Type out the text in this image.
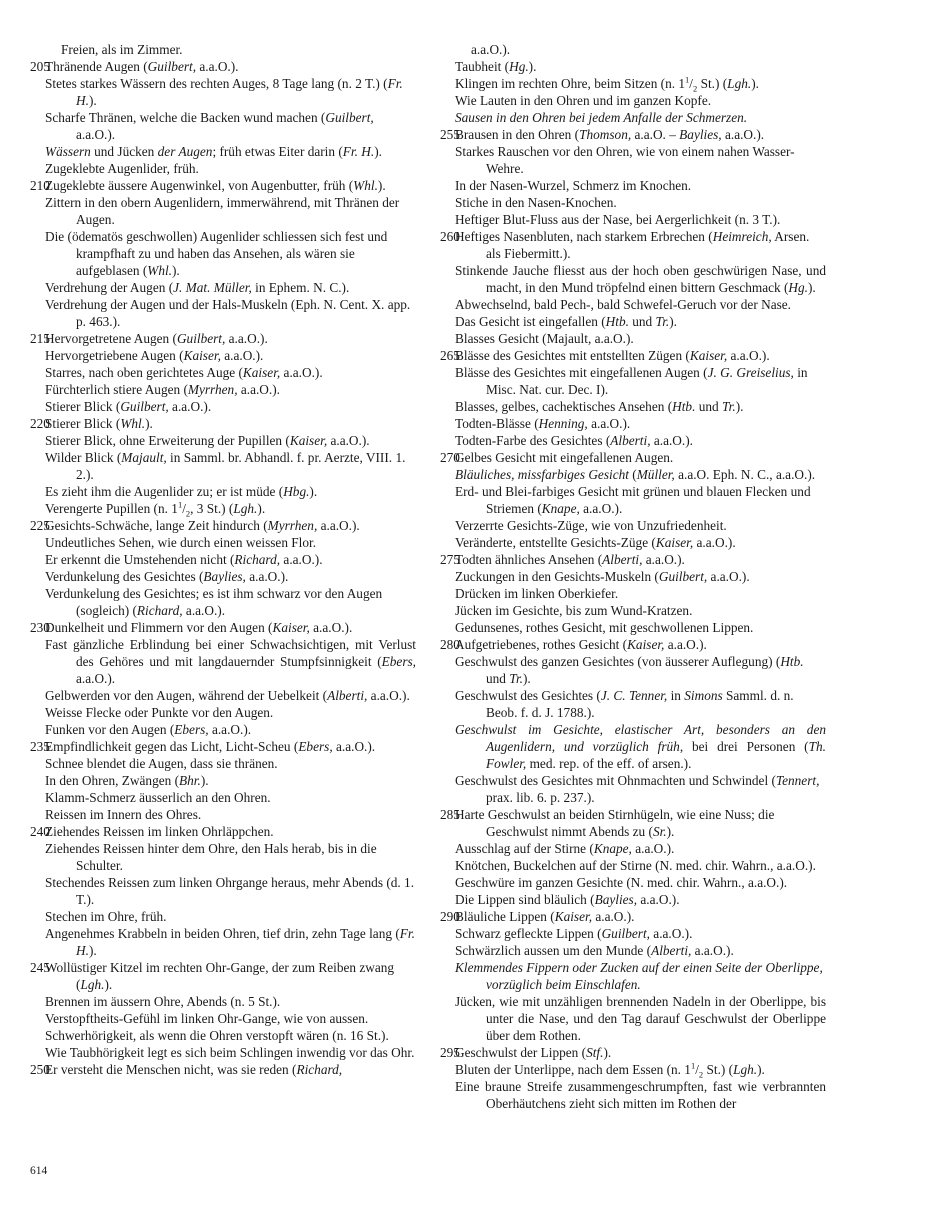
Freien, als im Zimmer.
205
Thränende Augen (Guilbert, a.a.O.).
Stetes starkes Wässern des rechten Auges, 8 Tage lang (n. 2 T.) (Fr. H.).
Scharfe Thränen, welche die Backen wund machen (Guilbert, a.a.O.).
Wässern und Jücken der Augen; früh etwas Eiter darin (Fr. H.).
Zugeklebte Augenlider, früh.
210
Zugeklebte äussere Augenwinkel, von Augenbutter, früh (Whl.).
Zittern in den obern Augenlidern, immerwährend, mit Thränen der Augen.
Die (ödematös geschwollen) Augenlider schliessen sich fest und krampfhaft zu und haben das Ansehen, als wären sie aufgeblasen (Whl.).
Verdrehung der Augen (J. Mat. Müller, in Ephem. N. C.).
Verdrehung der Augen und der Hals-Muskeln (Eph. N. Cent. X. app. p. 463.).
215
Hervorgetretene Augen (Guilbert, a.a.O.).
Hervorgetriebene Augen (Kaiser, a.a.O.).
Starres, nach oben gerichtetes Auge (Kaiser, a.a.O.).
Fürchterlich stiere Augen (Myrrhen, a.a.O.).
Stierer Blick (Guilbert, a.a.O.).
220
Stierer Blick (Whl.).
Stierer Blick, ohne Erweiterung der Pupillen (Kaiser, a.a.O.).
Wilder Blick (Majault, in Samml. br. Abhandl. f. pr. Aerzte, VIII. 1. 2.).
Es zieht ihm die Augenlider zu; er ist müde (Hbg.).
Verengerte Pupillen (n. $1^1/_2$, 3 St.) (Lgh.).
225
Gesichts-Schwäche, lange Zeit hindurch (Myrrhen, a.a.O.).
Undeutliches Sehen, wie durch einen weissen Flor.
Er erkennt die Umstehenden nicht (Richard, a.a.O.).
Verdunkelung des Gesichtes (Baylies, a.a.O.).
Verdunkelung des Gesichtes; es ist ihm schwarz vor den Augen (sogleich) (Richard, a.a.O.).
230
Dunkelheit und Flimmern vor den Augen (Kaiser, a.a.O.).
Fast gänzliche Erblindung bei einer Schwachsichtigen, mit Verlust des Gehöres und mit langdauernder Stumpfsinnigkeit (Ebers, a.a.O.).
Gelbwerden vor den Augen, während der Uebelkeit (Alberti, a.a.O.).
Weisse Flecke oder Punkte vor den Augen.
Funken vor den Augen (Ebers, a.a.O.).
235
Empfindlichkeit gegen das Licht, Licht-Scheu (Ebers, a.a.O.).
Schnee blendet die Augen, dass sie thränen.
In den Ohren, Zwängen (Bhr.).
Klamm-Schmerz äusserlich an den Ohren.
Reissen im Innern des Ohres.
240
Ziehendes Reissen im linken Ohrläppchen.
Ziehendes Reissen hinter dem Ohre, den Hals herab, bis in die Schulter.
Stechendes Reissen zum linken Ohrgange heraus, mehr Abends (d. 1. T.).
Stechen im Ohre, früh.
Angenehmes Krabbeln in beiden Ohren, tief drin, zehn Tage lang (Fr. H.).
245
Wollüstiger Kitzel im rechten Ohr-Gange, der zum Reiben zwang (Lgh.).
Brennen im äussern Ohre, Abends (n. 5 St.).
Verstopftheits-Gefühl im linken Ohr-Gange, wie von aussen.
Schwerhörigkeit, als wenn die Ohren verstopft wären (n. 16 St.).
Wie Taubhörigkeit legt es sich beim Schlingen inwendig vor das Ohr.
250
Er versteht die Menschen nicht, was sie reden (Richard,
a.a.O.).
Taubheit (Hg.).
Klingen im rechten Ohre, beim Sitzen (n. $1^1/_2$ St.) (Lgh.).
Wie Lauten in den Ohren und im ganzen Kopfe.
Sausen in den Ohren bei jedem Anfalle der Schmerzen.
255
Brausen in den Ohren (Thomson, a.a.O. – Baylies, a.a.O.).
Starkes Rauschen vor den Ohren, wie von einem nahen Wasser-Wehre.
In der Nasen-Wurzel, Schmerz im Knochen.
Stiche in den Nasen-Knochen.
Heftiger Blut-Fluss aus der Nase, bei Aergerlichkeit (n. 3 T.).
260
Heftiges Nasenbluten, nach starkem Erbrechen (Heimreich, Arsen. als Fiebermitt.).
Stinkende Jauche fliesst aus der hoch oben geschwürigen Nase, und macht, in den Mund tröpfelnd einen bittern Geschmack (Hg.).
Abwechselnd, bald Pech-, bald Schwefel-Geruch vor der Nase.
Das Gesicht ist eingefallen (Htb. und Tr.).
Blasses Gesicht (Majault, a.a.O.).
265
Blässe des Gesichtes mit entstellten Zügen (Kaiser, a.a.O.).
Blässe des Gesichtes mit eingefallenen Augen (J. G. Greiselius, in Misc. Nat. cur. Dec. I).
Blasses, gelbes, cachektisches Ansehen (Htb. und Tr.).
Todten-Blässe (Henning, a.a.O.).
Todten-Farbe des Gesichtes (Alberti, a.a.O.).
270
Gelbes Gesicht mit eingefallenen Augen.
Bläuliches, missfarbiges Gesicht (Müller, a.a.O. Eph. N. C., a.a.O.).
Erd- und Blei-farbiges Gesicht mit grünen und blauen Flecken und Striemen (Knape, a.a.O.).
Verzerrte Gesichts-Züge, wie von Unzufriedenheit.
Veränderte, entstellte Gesichts-Züge (Kaiser, a.a.O.).
275
Todten ähnliches Ansehen (Alberti, a.a.O.).
Zuckungen in den Gesichts-Muskeln (Guilbert, a.a.O.).
Drücken im linken Oberkiefer.
Jücken im Gesichte, bis zum Wund-Kratzen.
Gedunsenes, rothes Gesicht, mit geschwollenen Lippen.
280
Aufgetriebenes, rothes Gesicht (Kaiser, a.a.O.).
Geschwulst des ganzen Gesichtes (von äusserer Auflegung) (Htb. und Tr.).
Geschwulst des Gesichtes (J. C. Tenner, in Simons Samml. d. n. Beob. f. d. J. 1788.).
Geschwulst im Gesichte, elastischer Art, besonders an den Augenlidern, und vorzüglich früh, bei drei Personen (Th. Fowler, med. rep. of the eff. of arsen.).
Geschwulst des Gesichtes mit Ohnmachten und Schwindel (Tennert, prax. lib. 6. p. 237.).
285
Harte Geschwulst an beiden Stirnhügeln, wie eine Nuss; die Geschwulst nimmt Abends zu (Sr.).
Ausschlag auf der Stirne (Knape, a.a.O.).
Knötchen, Buckelchen auf der Stirne (N. med. chir. Wahrn., a.a.O.).
Geschwüre im ganzen Gesichte (N. med. chir. Wahrn., a.a.O.).
Die Lippen sind bläulich (Baylies, a.a.O.).
290
Bläuliche Lippen (Kaiser, a.a.O.).
Schwarz gefleckte Lippen (Guilbert, a.a.O.).
Schwärzlich aussen um den Munde (Alberti, a.a.O.).
Klemmendes Fippern oder Zucken auf der einen Seite der Oberlippe, vorzüglich beim Einschlafen.
Jücken, wie mit unzähligen brennenden Nadeln in der Oberlippe, bis unter die Nase, und den Tag darauf Geschwulst der Oberlippe über dem Rothen.
295
Geschwulst der Lippen (Stf.).
Bluten der Unterlippe, nach dem Essen (n. $1^1/_2$ St.) (Lgh.).
Eine braune Streife zusammengeschrumpften, fast wie verbrannten Oberhäutchens zieht sich mitten im Rothen der
614
